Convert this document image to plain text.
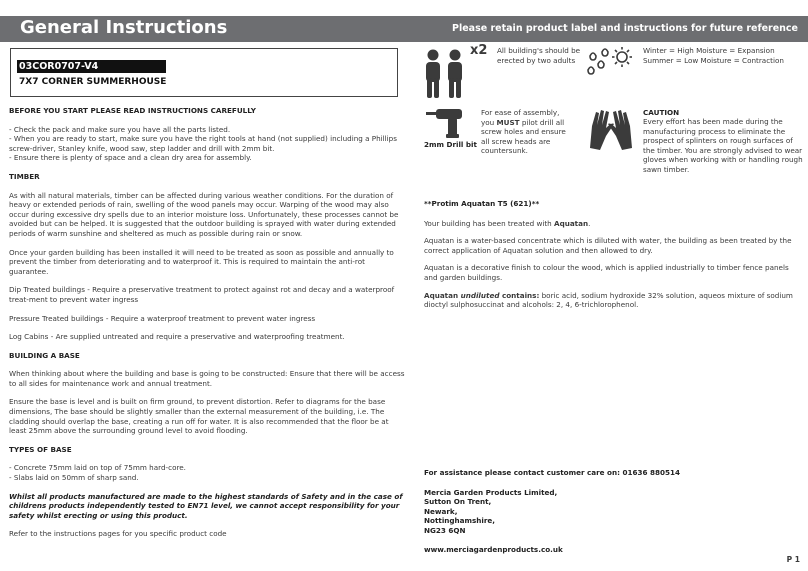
General Instructions	Please retain product label and instructions for future reference
03COR0707-V4
7X7 CORNER SUMMERHOUSE
BEFORE YOU START PLEASE READ INSTRUCTIONS CAREFULLY

- Check the pack and make sure you have all the parts listed.

- When you are ready to start, make sure you have the right tools at hand (not supplied) including a Phillips screw-driver, Stanley knife, wood saw, step ladder and drill with 2mm bit.

- Ensure there is plenty of space and a clean dry area for assembly.

TIMBER

As with all natural materials, timber can be affected during various weather conditions. For the duration of heavy or extended periods of rain, swelling of the wood panels may occur. Warping of the wood may also occur during excessive dry spells due to an interior moisture loss. Unfortunately, these processes cannot be avoided but can be helped. It is suggested that the outdoor building is sprayed with water during extended periods of warm sunshine and sheltered as much as possible during rain or snow.

Once your garden building has been installed it will need to be treated as soon as possible and annually to prevent the timber from deteriorating and to waterproof it. This is required to maintain the anti-rot guarantee.

Dip Treated buildings - Require a preservative treatment to protect against rot and decay and a waterproof treat-ment to prevent water ingress

Pressure Treated buildings - Require a waterproof treatment to prevent water ingress

Log Cabins - Are supplied untreated and require a preservative and waterproofing treatment.

BUILDING A BASE

When thinking about where the building and base is going to be constructed: Ensure that there will be access to all sides for maintenance work and annual treatment.

Ensure the base is level and is built on firm ground, to prevent distortion. Refer to diagrams for the base dimensions, The base should be slightly smaller than the external measurement of the building, i.e. The cladding should overlap the base, creating a run off for water. It is also recommended that the floor be at least 25mm above the surrounding ground level to avoid flooding.

TYPES OF BASE

- Concrete 75mm laid on top of 75mm hard-core.

- Slabs laid on 50mm of sharp sand.

Whilst all products manufactured are made to the highest standards of Safety and in the case of childrens products independently tested to EN71 level, we cannot accept responsibility for your safety whilst erecting or using this product.

Refer to the instructions pages for you specific product code

x2 All building's should be erected by two adults
Winter = High Moisture = Expansion
Summer = Low Moisture = Contraction
2mm Drill bit
For ease of assembly, you MUST pilot drill all screw holes and ensure all screw heads are countersunk.
CAUTION
Every effort has been made during the manufacturing process to eliminate the prospect of splinters on rough surfaces of the timber. You are strongly advised to wear gloves when working with or handling rough sawn timber.

**Protim Aquatan T5 (621)**

Your building has been treated with Aquatan.

Aquatan is a water-based concentrate which is diluted with water, the building as been treated by the correct application of Aquatan solution and then allowed to dry.

Aquatan is a decorative finish to colour the wood, which is applied industrially to timber fence panels and garden buildings.

Aquatan undiluted contains: boric acid, sodium hydroxide 32% solution, aqueos mixture of sodium dioctyl sulphosuccinat and alcohols: 2, 4, 6-trichlorophenol.

For assistance please contact customer care on: 01636 880514
Mercia Garden Products Limited,
Sutton On Trent,
Newark,
Nottinghamshire,
NG23 6QN
www.merciagardenproducts.co.uk
P 1
